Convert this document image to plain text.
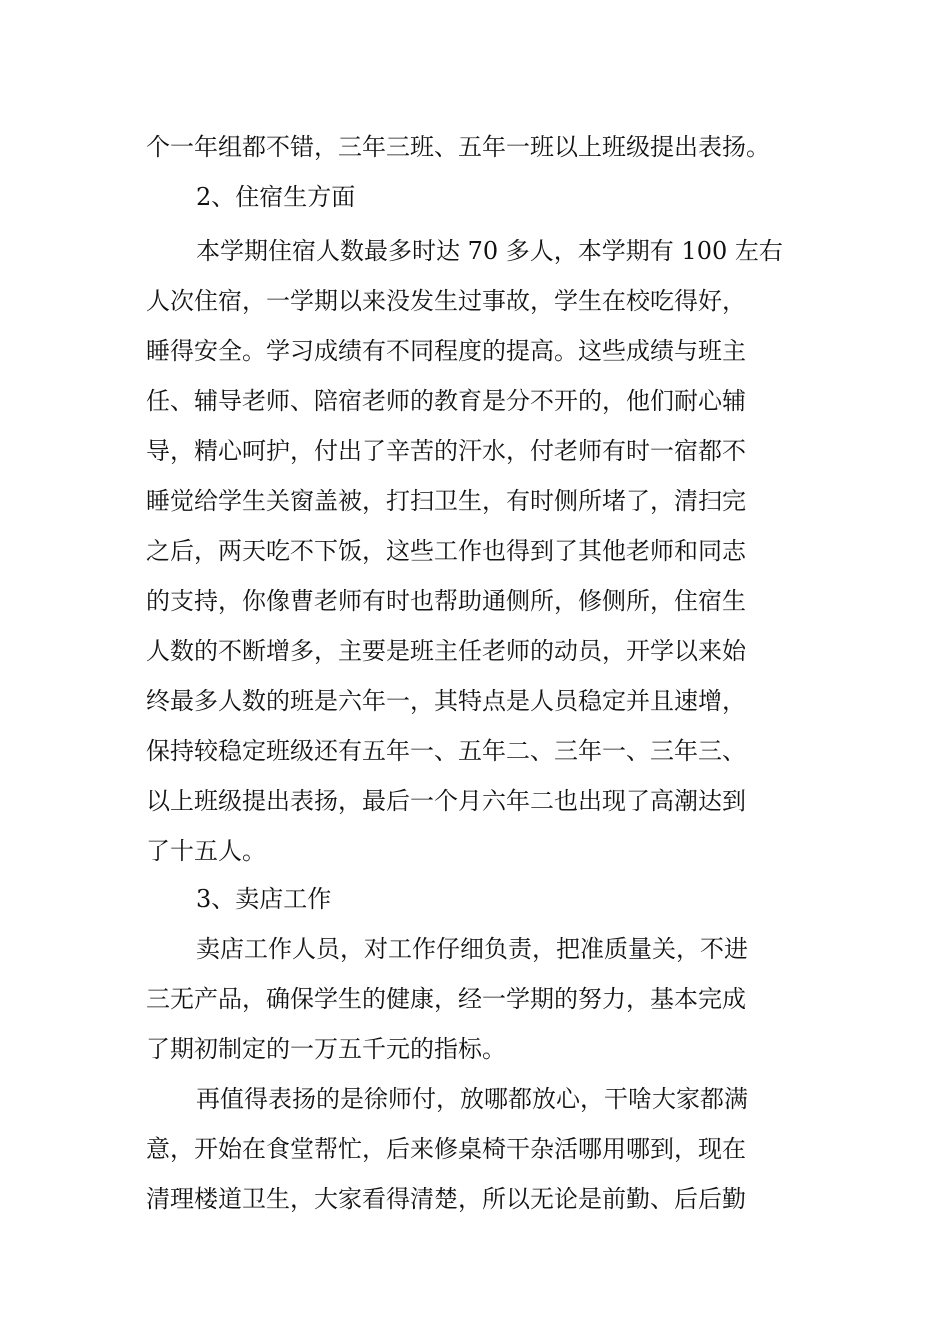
个一年组都不错，三年三班、五年一班以上班级提出表扬。
2、住宿生方面
本学期住宿人数最多时达 70 多人，本学期有 100 左右
人次住宿，一学期以来没发生过事故，学生在校吃得好，
睡得安全。学习成绩有不同程度的提高。这些成绩与班主
任、辅导老师、陪宿老师的教育是分不开的，他们耐心辅
导，精心呵护，付出了辛苦的汗水，付老师有时一宿都不
睡觉给学生关窗盖被，打扫卫生，有时侧所堵了，清扫完
之后，两天吃不下饭，这些工作也得到了其他老师和同志
的支持，你像曹老师有时也帮助通侧所，修侧所，住宿生
人数的不断增多，主要是班主任老师的动员，开学以来始
终最多人数的班是六年一，其特点是人员稳定并且速增，
保持较稳定班级还有五年一、五年二、三年一、三年三、
以上班级提出表扬，最后一个月六年二也出现了高潮达到
了十五人。
3、卖店工作
卖店工作人员，对工作仔细负责，把准质量关，不进
三无产品，确保学生的健康，经一学期的努力，基本完成
了期初制定的一万五千元的指标。
再值得表扬的是徐师付，放哪都放心，干啥大家都满
意，开始在食堂帮忙，后来修桌椅干杂活哪用哪到，现在
清理楼道卫生，大家看得清楚，所以无论是前勤、后后勤
